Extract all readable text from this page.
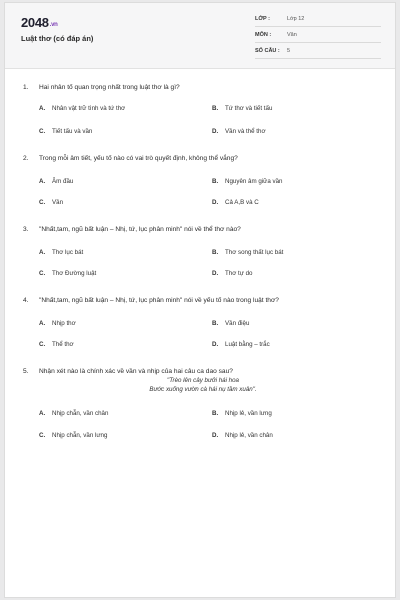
2048.vn
Luật thơ (có đáp án)
LỚP :	Lớp 12
MÔN :	Văn
SỐ CÂU : 5
1. Hai nhân tố quan trọng nhất trong luật thơ là gì?
A. Nhân vật trữ tình và tứ thơ	B. Tứ thơ và tiết tấu
C. Tiết tấu và vần	D. Vần và thể thơ
2. Trong mỗi âm tiết, yếu tố nào có vai trò quyết định, không thể vắng?
A. Âm đầu	B. Nguyên âm giữa vần
C. Vần	D. Cả A,B và C
3. "Nhất,tam, ngũ bất luận – Nhị, tứ, lục phân minh" nói về thể thơ nào?
A. Thơ lục bát	B. Thơ song thất lục bát
C. Thơ Đường luật	D. Thơ tự do
4. "Nhất,tam, ngũ bất luận – Nhị, tứ, lục phân minh" nói về yếu tố nào trong luật thơ?
A. Nhịp thơ	B. Vần điệu
C. Thể thơ	D. Luật bằng – trắc
5. Nhận xét nào là chính xác về vần và nhịp của hai câu ca dao sau?
"Trèo lên cây bưởi hái hoa
Bước xuống vườn cà hái nụ tầm xuân".
A. Nhịp chẵn, vần chân	B. Nhịp lẻ, vần lưng
C. Nhịp chẵn, vần lưng	D. Nhịp lẻ, vần chân
